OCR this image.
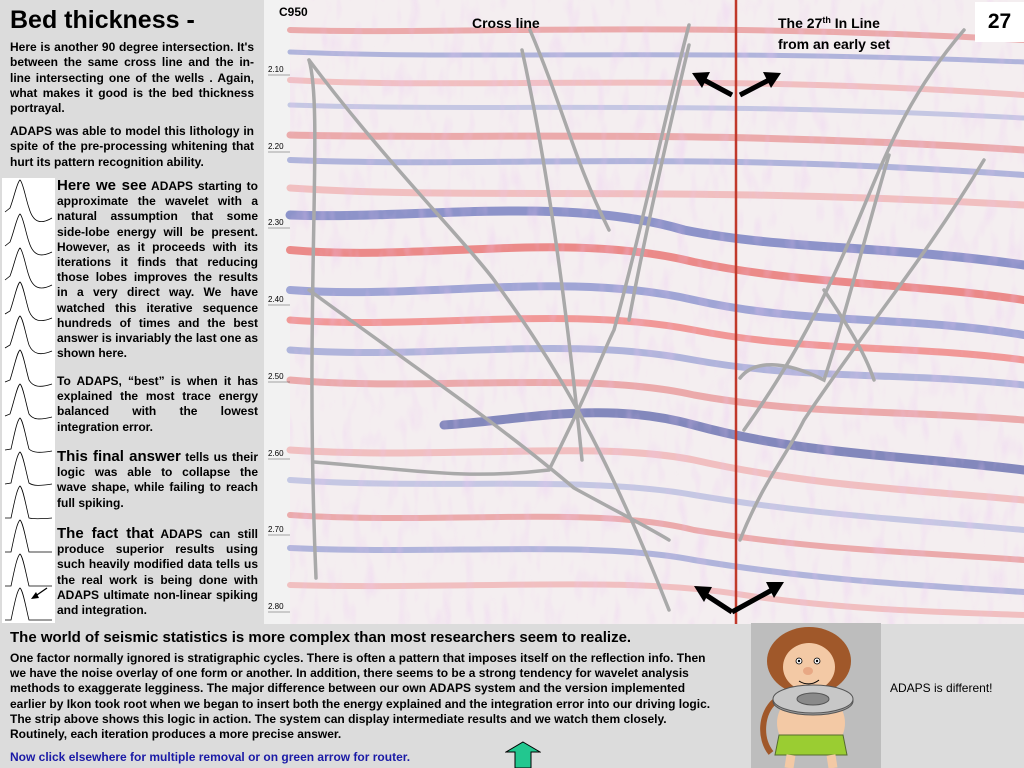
Bed thickness -
Here is another 90 degree intersection. It's between the same cross line and the in-line intersecting one of the wells . Again, what makes it good is the bed thickness portrayal.
ADAPS was able to model this lithology in spite of the pre-processing whitening that hurt its pattern recognition ability.
Here we see ADAPS starting to approximate the wavelet with a natural assumption that some side-lobe energy will be present. However, as it proceeds with its iterations it finds that reducing those lobes improves the results in a very direct way. We have watched this iterative sequence hundreds of times and the best answer is invariably the last one as shown here.
To ADAPS, “best” is when it has explained the most trace energy balanced with the lowest integration error.
This final answer tells us their logic was able to collapse the wave shape, while failing to reach full spiking.
The fact that ADAPS can still produce superior results using such heavily modified data tells us the real work is being done with ADAPS ultimate non-linear spiking and integration.
C950
2.10
2.20
2.30
2.40
2.50
2.60
2.70
2.80
Cross line	The 27th In Line
from an early set
27
The world of seismic statistics is more complex than most researchers seem to realize.
One factor normally ignored is stratigraphic cycles. There is often a pattern that imposes itself on the reflection info. Then we have the noise overlay of one form or another. In addition, there seems to be a strong tendency for wavelet analysis methods to exaggerate legginess. The major difference between our own ADAPS system and the version implemented earlier by Ikon took root when we began to insert both the energy explained and the integration error into our driving logic. The strip above shows this logic in action. The system can display intermediate results and we watch them closely. Routinely, each iteration produces a more precise answer.
Now click elsewhere for multiple removal or on green arrow for router.
ADAPS is different!
